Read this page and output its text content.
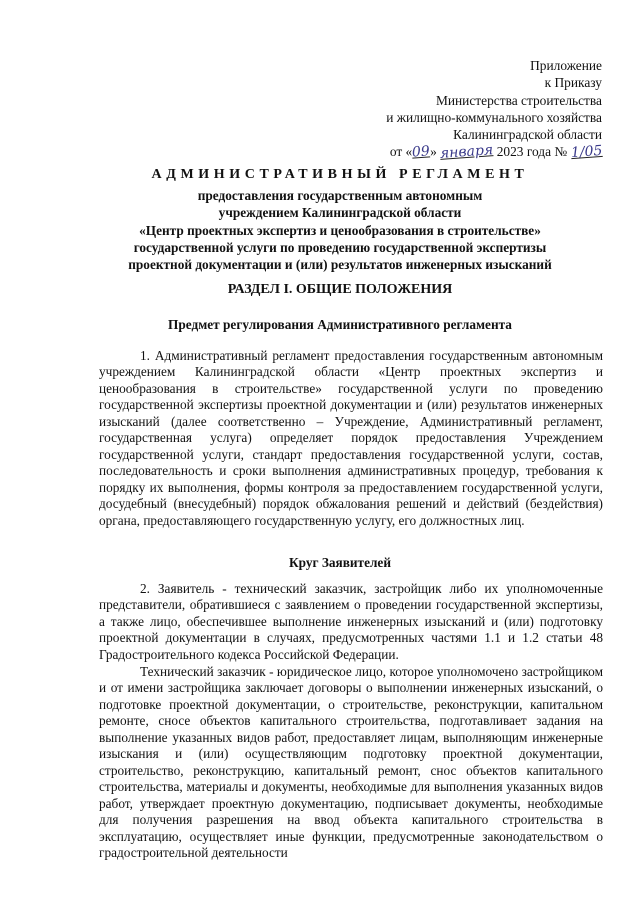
Приложение
к Приказу
Министерства строительства
и жилищно-коммунального хозяйства
Калининградской области
от «09» января 2023 года № 1/05

АДМИНИСТРАТИВНЫЙ РЕГЛАМЕНТ

предоставления государственным автономным
учреждением Калининградской области
«Центр проектных экспертиз и ценообразования в строительстве»
государственной услуги по проведению государственной экспертизы
проектной документации и (или) результатов инженерных изысканий

РАЗДЕЛ I. ОБЩИЕ ПОЛОЖЕНИЯ

Предмет регулирования Административного регламента

1. Административный регламент предоставления государственным автономным учреждением Калининградской области «Центр проектных экспертиз и ценообразования в строительстве» государственной услуги по проведению государственной экспертизы проектной документации и (или) результатов инженерных изысканий (далее соответственно – Учреждение, Административный регламент, государственная услуга) определяет порядок предоставления Учреждением государственной услуги, стандарт предоставления государственной услуги, состав, последовательность и сроки выполнения административных процедур, требования к порядку их выполнения, формы контроля за предоставлением государственной услуги, досудебный (внесудебный) порядок обжалования решений и действий (бездействия) органа, предоставляющего государственную услугу, его должностных лиц.

Круг Заявителей

2. Заявитель - технический заказчик, застройщик либо их уполномоченные представители, обратившиеся с заявлением о проведении государственной экспертизы, а также лицо, обеспечившее выполнение инженерных изысканий и (или) подготовку проектной документации в случаях, предусмотренных частями 1.1 и 1.2 статьи 48 Градостроительного кодекса Российской Федерации.

Технический заказчик - юридическое лицо, которое уполномочено застройщиком и от имени застройщика заключает договоры о выполнении инженерных изысканий, о подготовке проектной документации, о строительстве, реконструкции, капитальном ремонте, сносе объектов капитального строительства, подготавливает задания на выполнение указанных видов работ, предоставляет лицам, выполняющим инженерные изыскания и (или) осуществляющим подготовку проектной документации, строительство, реконструкцию, капитальный ремонт, снос объектов капитального строительства, материалы и документы, необходимые для выполнения указанных видов работ, утверждает проектную документацию, подписывает документы, необходимые для получения разрешения на ввод объекта капитального строительства в эксплуатацию, осуществляет иные функции, предусмотренные законодательством о градостроительной деятельности
